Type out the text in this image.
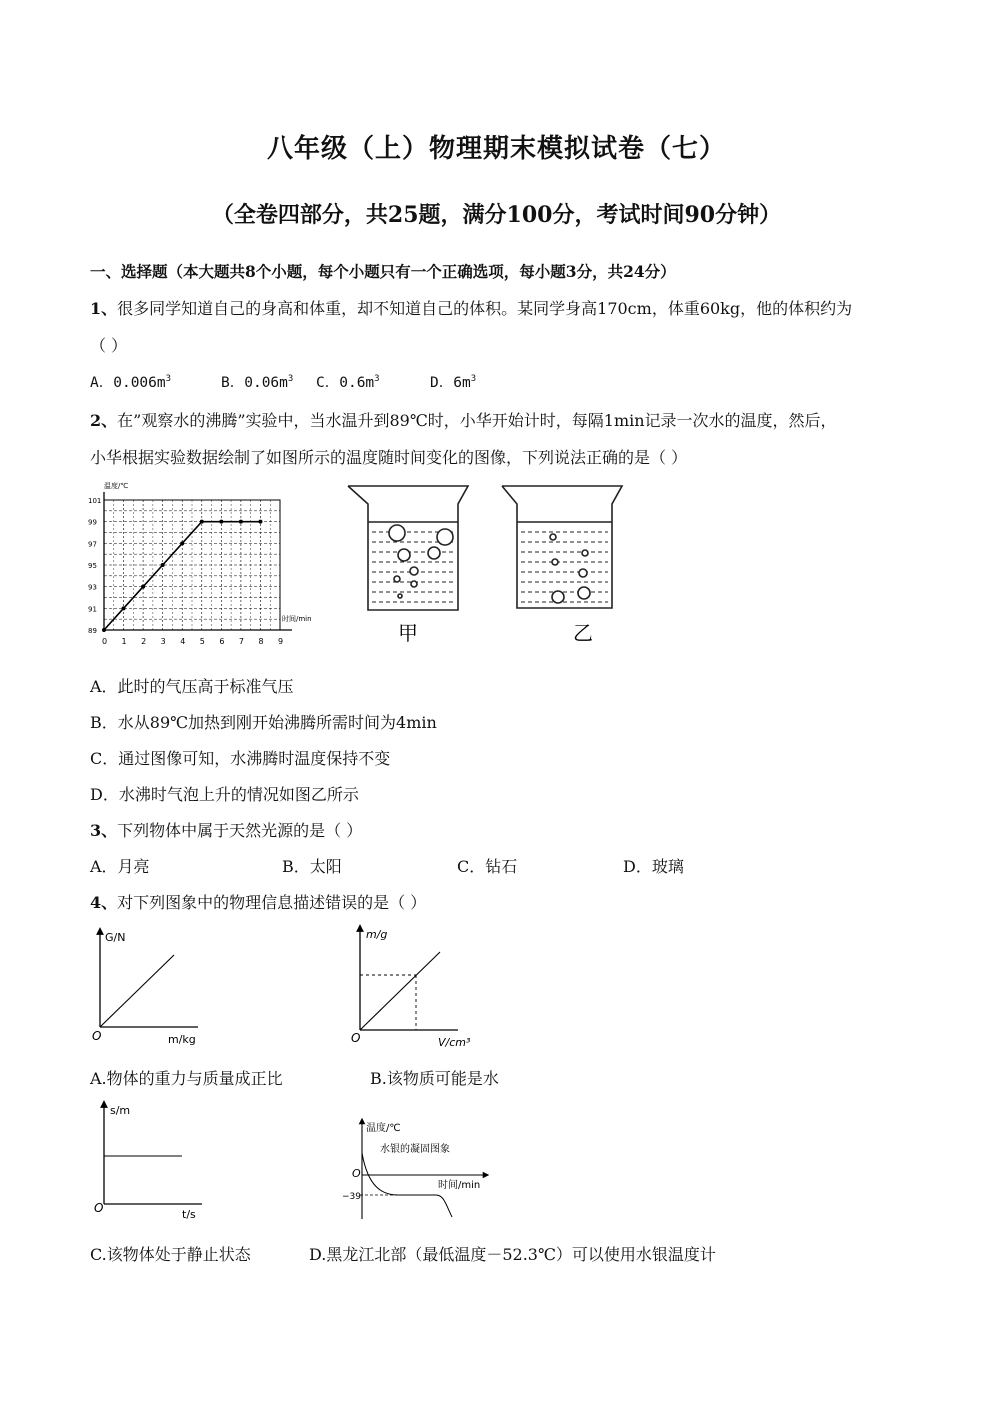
八年级（上）物理期末模拟试卷（七）
（全卷四部分，共25题，满分100分，考试时间90分钟）
一、选择题（本大题共8个小题，每个小题只有一个正确选项，每小题3分，共24分）
1、很多同学知道自己的身高和体重，却不知道自己的体积。某同学身高170cm，体重60kg，他的体积约为
（ ）
A．$0.006m^3$	B．$0.06m^3$ C．$0.6m^3$	D．$6m^3$
2、在”观察水的沸腾”实验中，当水温升到89℃时，小华开始计时，每隔1min记录一次水的温度，然后，
小华根据实验数据绘制了如图所示的温度随时间变化的图像，下列说法正确的是（ ）
0 1 2 3 4 5 6 7 8 9
89
91
93
95
97
99
101
温度/℃
时间/min
甲	乙
A．此时的气压高于标准气压
B．水从89℃加热到刚开始沸腾所需时间为4min
C．通过图像可知，水沸腾时温度保持不变
D．水沸时气泡上升的情况如图乙所示
3、下列物体中属于天然光源的是（ ）
A．月亮	B．太阳	C．钻石	D．玻璃
4、对下列图象中的物理信息描述错误的是（ ）
G/N
m/kg
O
A.物体的重力与质量成正比
m/g
V/cm³
O
B.该物质可能是水
s/m
t/s
O
C.该物体处于静止状态
温度/℃
水银的凝固图象
时间/min
O
−39
D.黑龙江北部（最低温度－52.3℃）可以使用水银温度计
